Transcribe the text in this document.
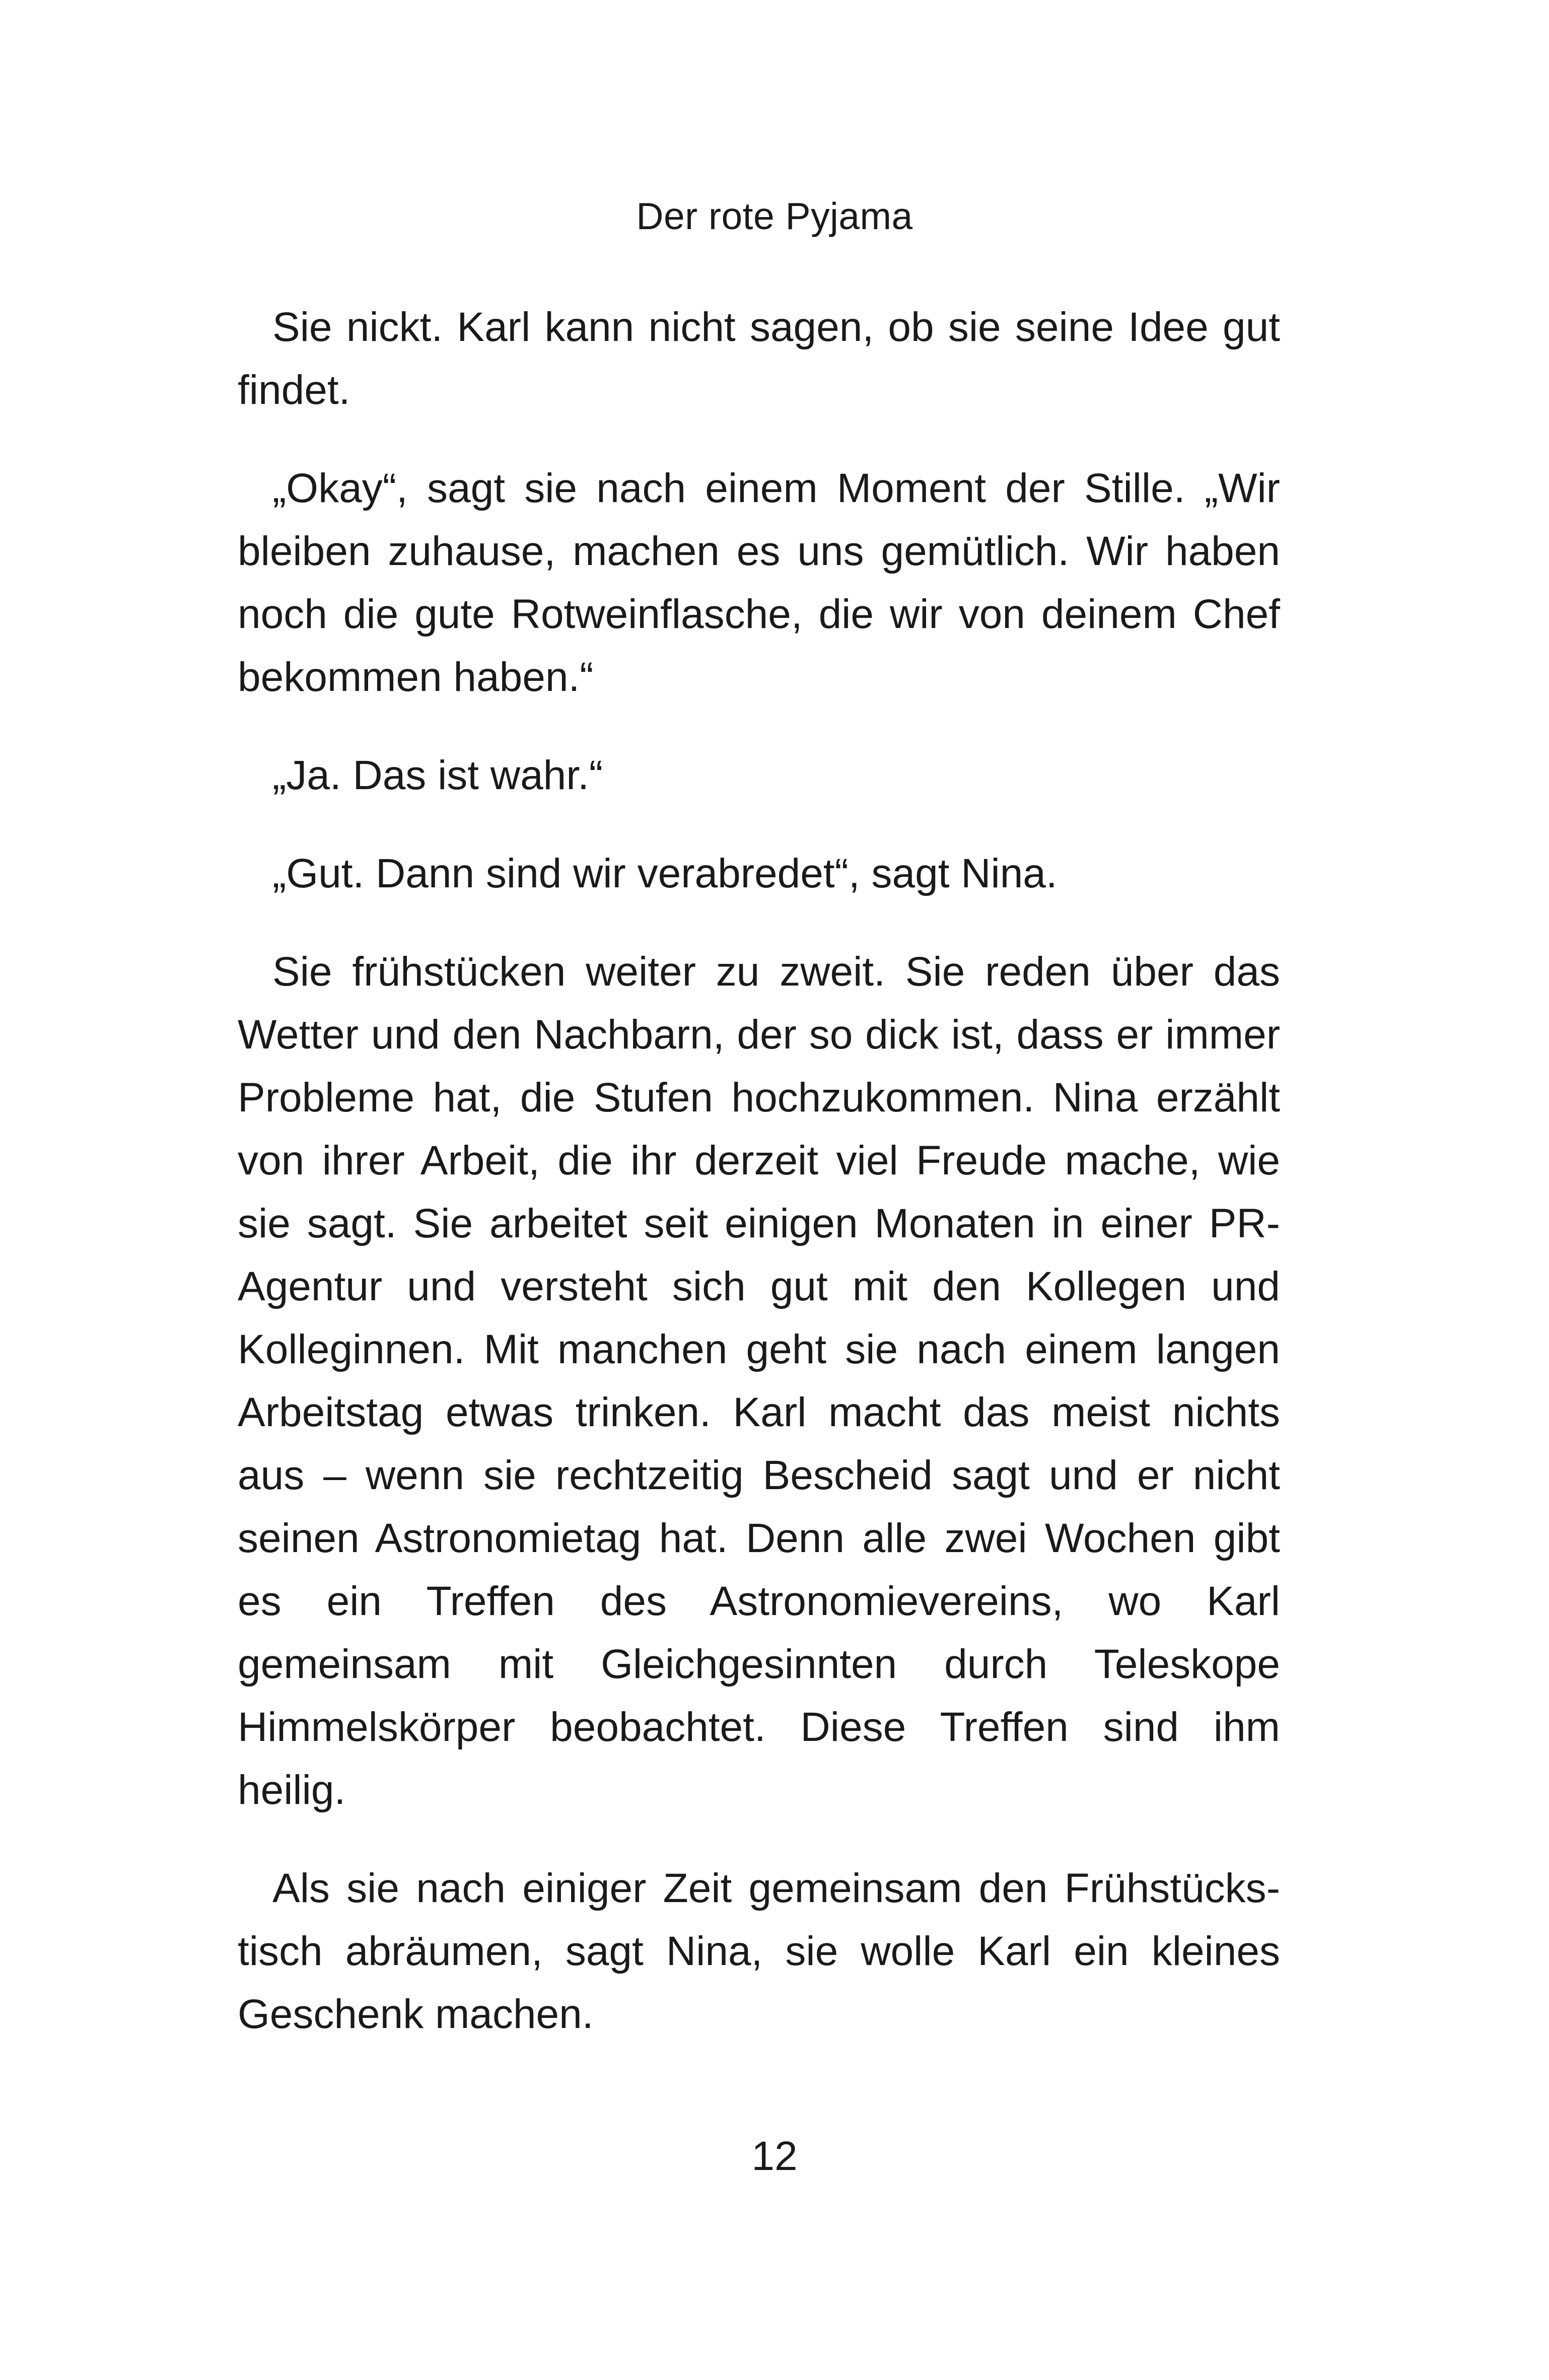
Der rote Pyjama

Sie nickt. Karl kann nicht sagen, ob sie seine Idee gut findet.

„Okay“, sagt sie nach einem Moment der Stille. „Wir bleiben zuhause, machen es uns gemütlich. Wir haben noch die gute Rotweinflasche, die wir von deinem Chef bekommen haben.“

„Ja. Das ist wahr.“

„Gut. Dann sind wir verabredet“, sagt Nina.

Sie frühstücken weiter zu zweit. Sie reden über das Wetter und den Nachbarn, der so dick ist, dass er immer Probleme hat, die Stufen hochzukommen. Nina erzählt von ihrer Arbeit, die ihr derzeit viel Freude mache, wie sie sagt. Sie arbeitet seit einigen Monaten in einer PR-Agentur und versteht sich gut mit den Kollegen und Kolleginnen. Mit manchen geht sie nach einem langen Arbeitstag etwas trinken. Karl macht das meist nichts aus – wenn sie rechtzeitig Bescheid sagt und er nicht seinen Astronomietag hat. Denn alle zwei Wochen gibt es ein Treffen des Astronomievereins, wo Karl gemeinsam mit Gleichgesinnten durch Teleskope Himmelskörper beobachtet. Diese Treffen sind ihm heilig.

Als sie nach einiger Zeit gemeinsam den Frühstückstisch abräumen, sagt Nina, sie wolle Karl ein kleines Geschenk machen.

12
